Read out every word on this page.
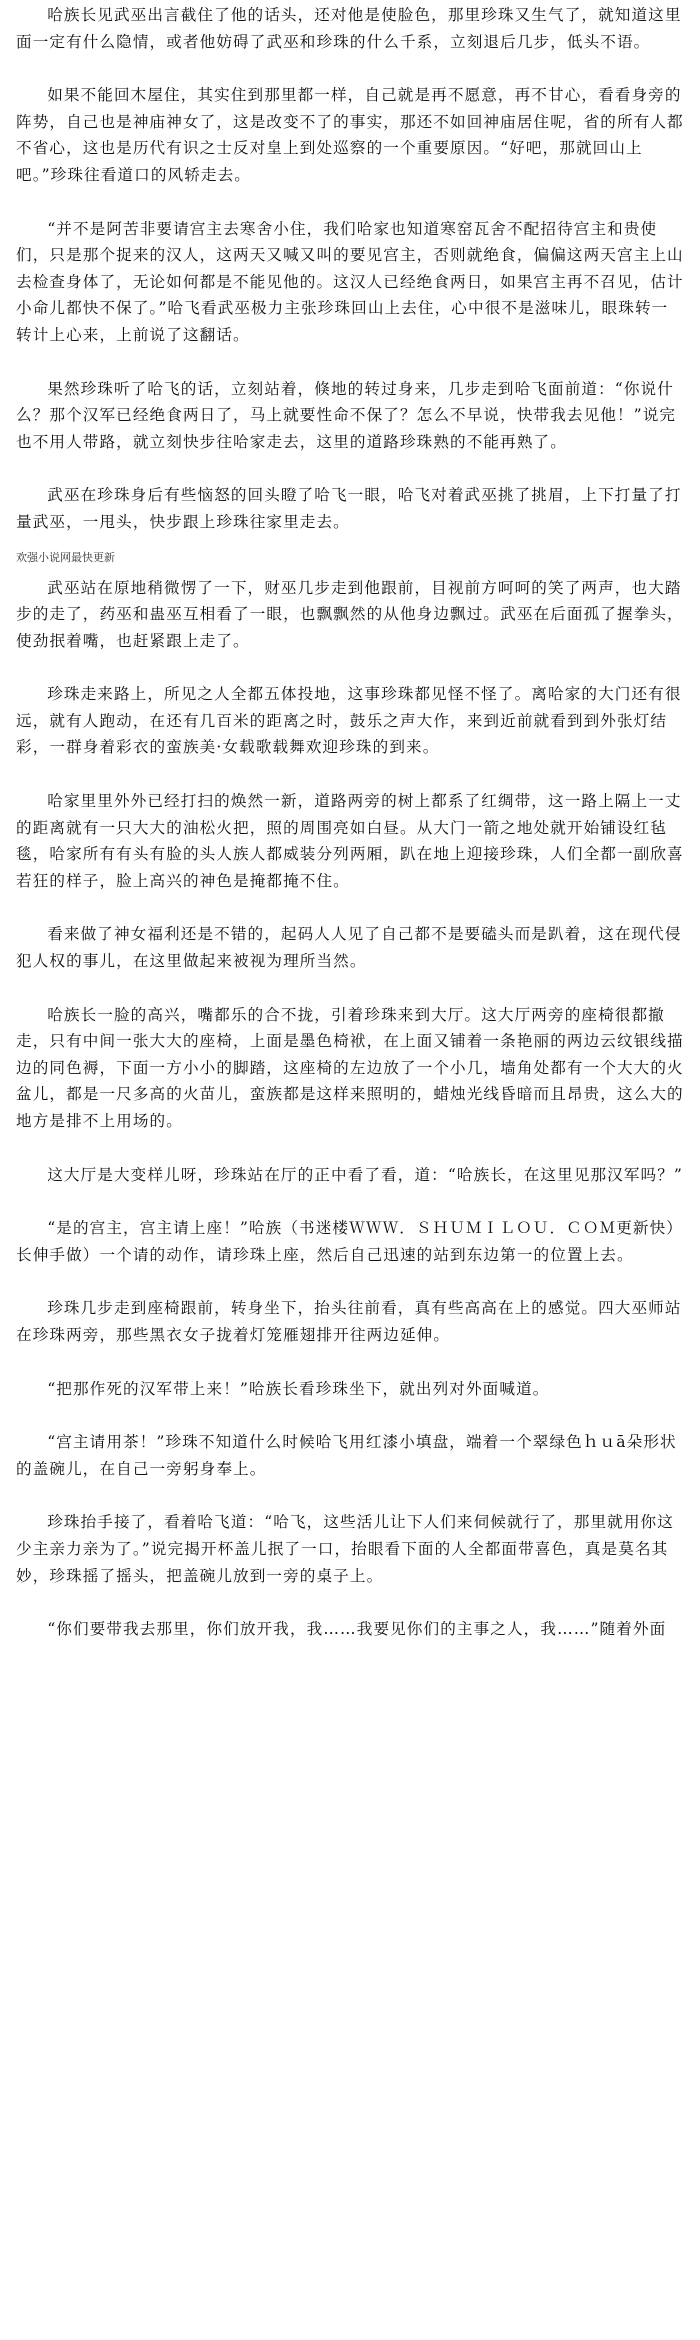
哈族长见武巫出言截住了他的话头，还对他是使脸色，那里珍珠又生气了，就知道这里面一定有什么隐情，或者他妨碍了武巫和珍珠的什么千系，立刻退后几步，低头不语。

如果不能回木屋住，其实住到那里都一样，自己就是再不愿意，再不甘心，看看身旁的阵势，自己也是神庙神女了，这是改变不了的事实，那还不如回神庙居住呢，省的所有人都不省心，这也是历代有识之士反对皇上到处巡察的一个重要原因。“好吧，那就回山上吧。”珍珠往看道口的风轿走去。

“并不是阿苦非要请宫主去寒舍小住，我们哈家也知道寒窑瓦舍不配招待宫主和贵使们，只是那个捉来的汉人，这两天又喊又叫的要见宫主，否则就绝食，偏偏这两天宫主上山去检查身体了，无论如何都是不能见他的。这汉人已经绝食两日，如果宫主再不召见，估计小命儿都快不保了。”哈飞看武巫极力主张珍珠回山上去住，心中很不是滋味儿，眼珠转一转计上心来，上前说了这翻话。

果然珍珠听了哈飞的话，立刻站着，倏地的转过身来，几步走到哈飞面前道：“你说什么？那个汉军已经绝食两日了，马上就要性命不保了？怎么不早说，快带我去见他！”说完也不用人带路，就立刻快步往哈家走去，这里的道路珍珠熟的不能再熟了。

武巫在珍珠身后有些恼怒的回头瞪了哈飞一眼，哈飞对着武巫挑了挑眉，上下打量了打量武巫，一甩头，快步跟上珍珠往家里走去。

欢强小说网最快更新

武巫站在原地稍微愣了一下，财巫几步走到他跟前，目视前方呵呵的笑了两声，也大踏步的走了，药巫和蛊巫互相看了一眼，也飘飘然的从他身边飘过。武巫在后面孤了握拳头，使劲抿着嘴，也赶紧跟上走了。

珍珠走来路上，所见之人全都五体投地，这事珍珠都见怪不怪了。离哈家的大门还有很远，就有人跑动，在还有几百米的距离之时，鼓乐之声大作，来到近前就看到到外张灯结彩，一群身着彩衣的蛮族美·女载歌载舞欢迎珍珠的到来。

哈家里里外外已经打扫的焕然一新，道路两旁的树上都系了红绸带，这一路上隔上一丈的距离就有一只大大的油松火把，照的周围亮如白昼。从大门一箭之地处就开始铺设红毡毯，哈家所有有头有脸的头人族人都威装分列两厢，趴在地上迎接珍珠，人们全都一副欣喜若狂的样子，脸上高兴的神色是掩都掩不住。

看来做了神女福利还是不错的，起码人人见了自己都不是要磕头而是趴着，这在现代侵犯人权的事儿，在这里做起来被视为理所当然。

哈族长一脸的高兴，嘴都乐的合不拢，引着珍珠来到大厅。这大厅两旁的座椅很都撤走，只有中间一张大大的座椅，上面是墨色椅袱，在上面又铺着一条艳丽的两边云纹银线描边的同色褥，下面一方小小的脚踏，这座椅的左边放了一个小几，墙角处都有一个大大的火盆儿，都是一尺多高的火苗儿，蛮族都是这样来照明的，蜡烛光线昏暗而且昂贵，这么大的地方是排不上用场的。

这大厅是大变样儿呀，珍珠站在厅的正中看了看，道：“哈族长，在这里见那汉军吗？”

“是的宫主，宫主请上座！”哈族（书迷楼ＷＷＷ．ＳＨＵＭＩＬＯＵ．ＣＯＭ更新快）长伸手做）一个请的动作，请珍珠上座，然后自己迅速的站到东边第一的位置上去。

珍珠几步走到座椅跟前，转身坐下，抬头往前看，真有些高高在上的感觉。四大巫师站在珍珠两旁，那些黑衣女子拢着灯笼雁翅排开往两边延伸。

“把那作死的汉军带上来！”哈族长看珍珠坐下，就出列对外面喊道。

“宫主请用茶！”珍珠不知道什么时候哈飞用红漆小填盘，端着一个翠绿色ｈｕā朵形状的盖碗儿，在自己一旁躬身奉上。

珍珠抬手接了，看着哈飞道：“哈飞，这些活儿让下人们来伺候就行了，那里就用你这少主亲力亲为了。”说完揭开杯盖儿抿了一口，抬眼看下面的人全都面带喜色，真是莫名其妙，珍珠摇了摇头，把盖碗儿放到一旁的桌子上。

“你们要带我去那里，你们放开我，我……我要见你们的主事之人，我……”随着外面
